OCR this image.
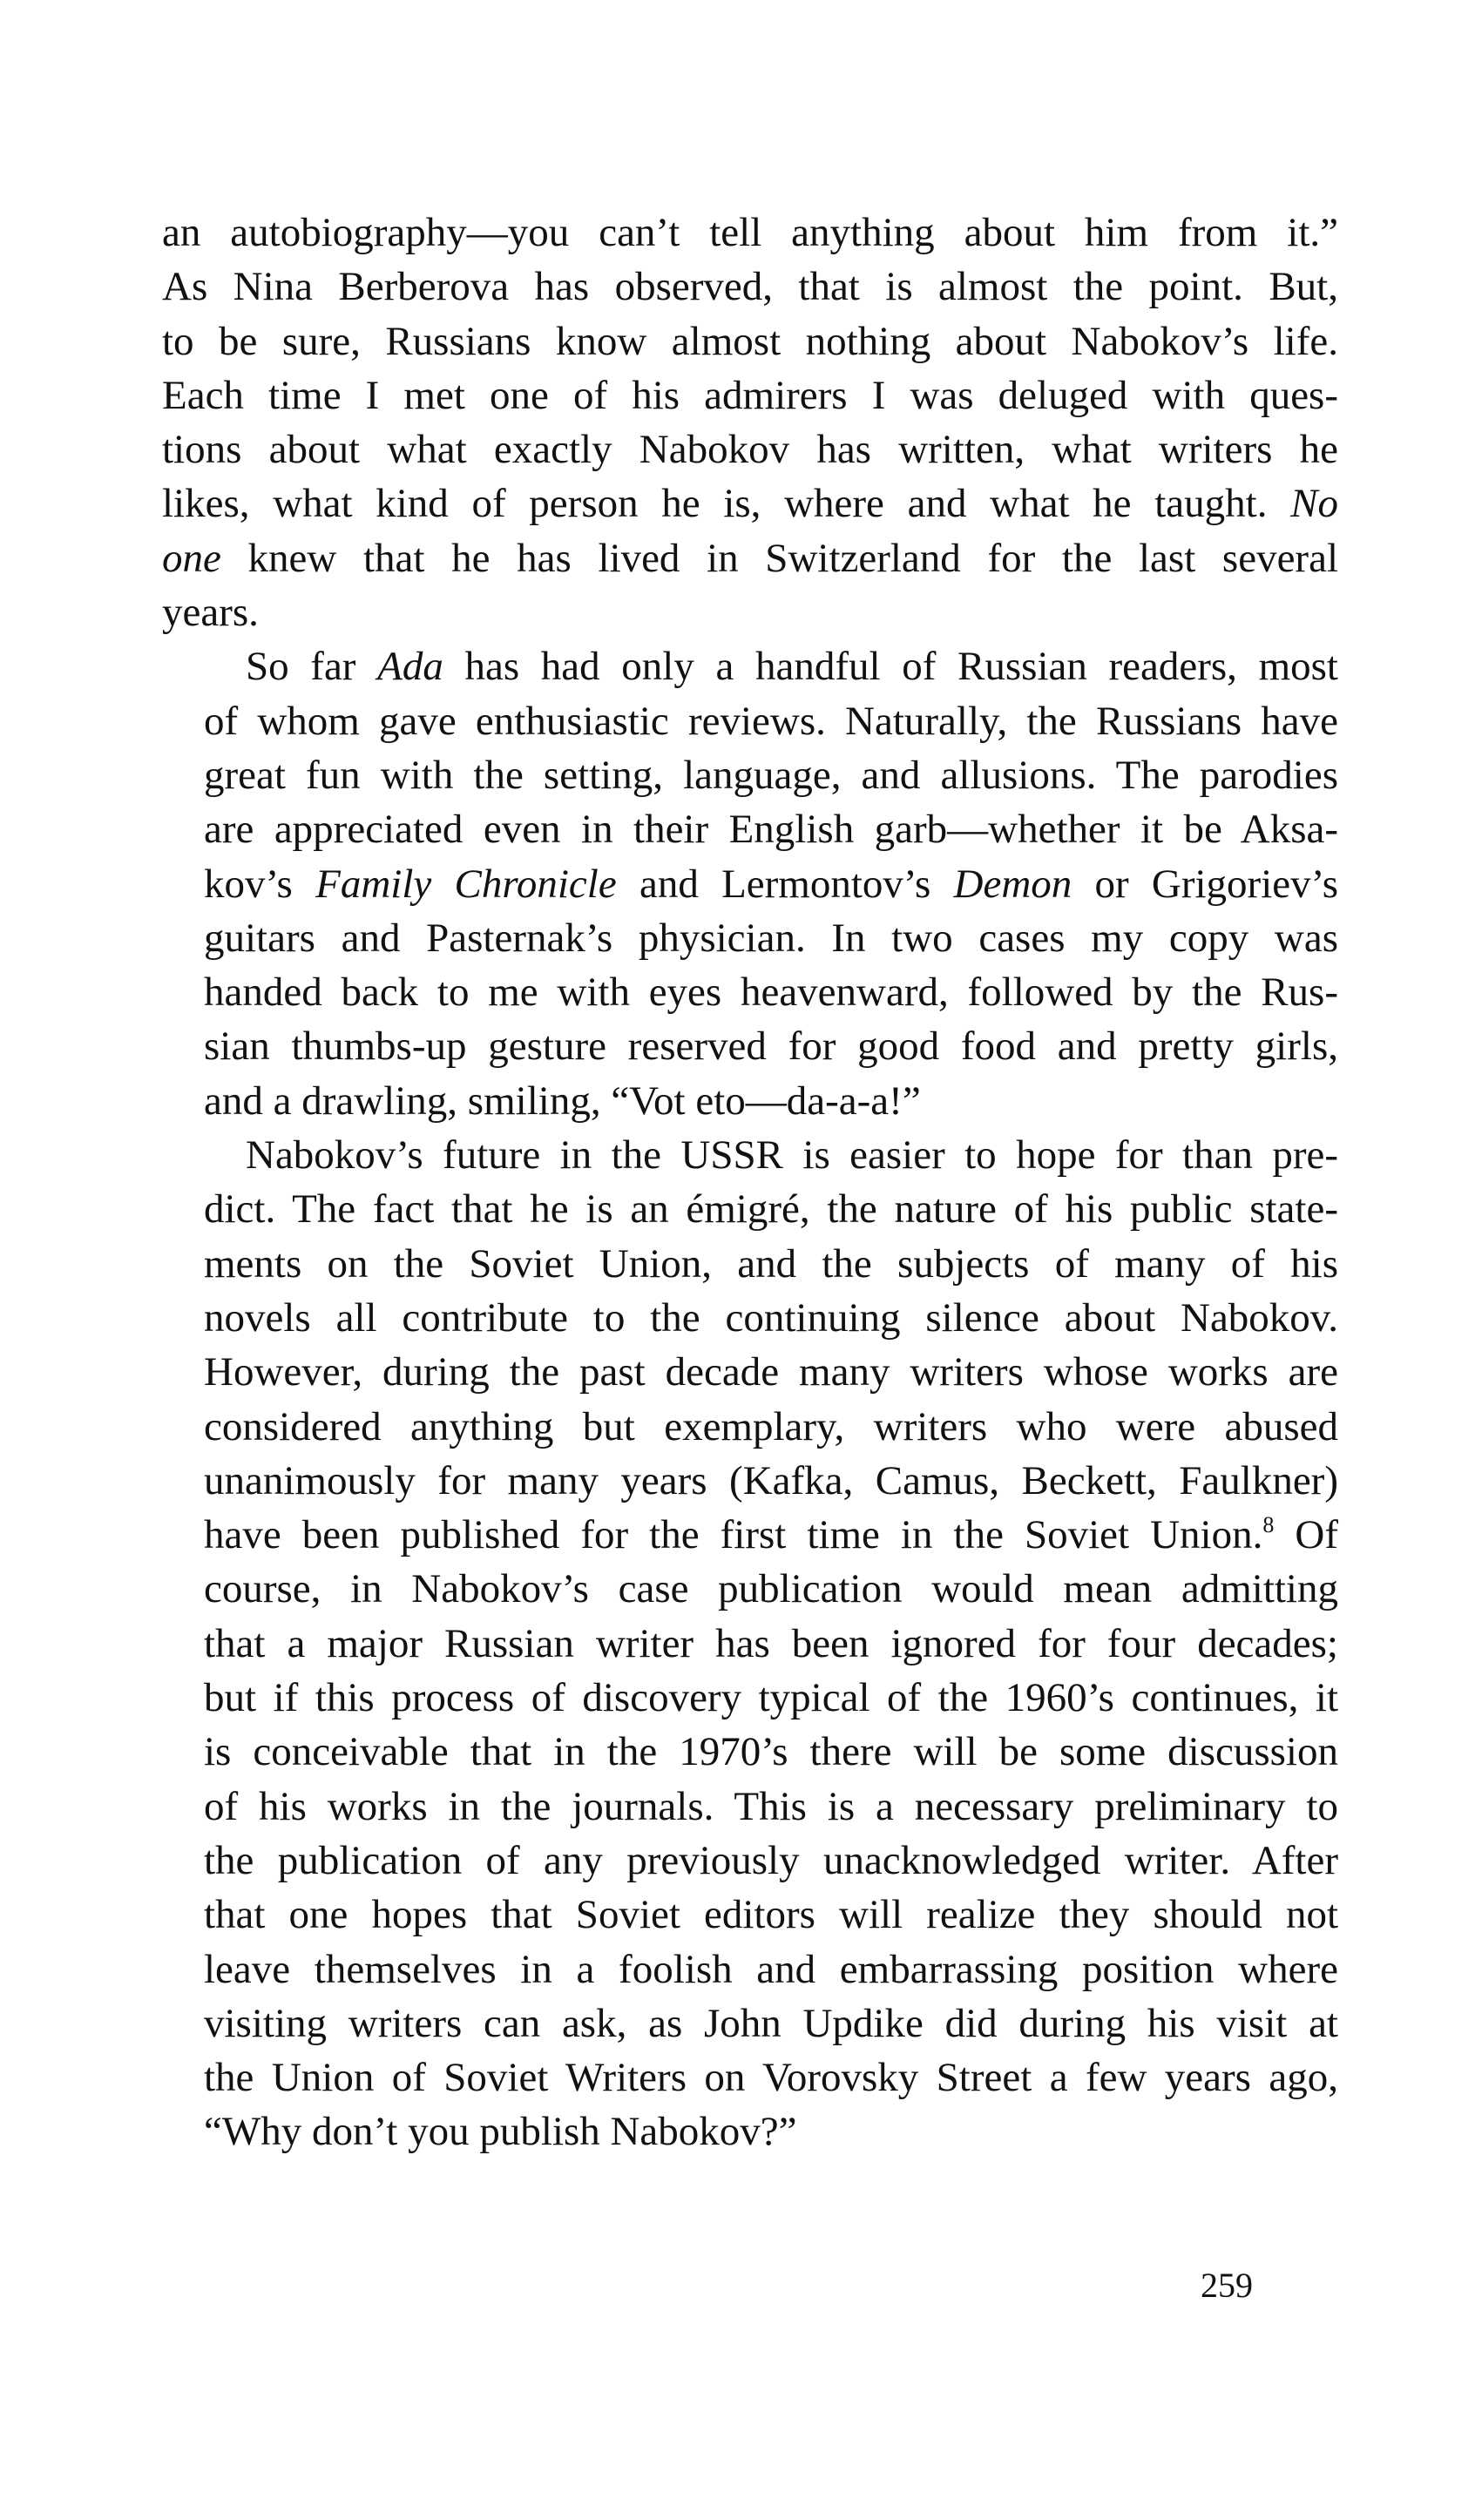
an autobiography—you can’t tell anything about him from it.”
As Nina Berberova has observed, that is almost the point. But,
to be sure, Russians know almost nothing about Nabokov’s life.
Each time I met one of his admirers I was deluged with ques-
tions about what exactly Nabokov has written, what writers he
likes, what kind of person he is, where and what he taught. No
one knew that he has lived in Switzerland for the last several
years.
So far Ada has had only a handful of Russian readers, most
of whom gave enthusiastic reviews. Naturally, the Russians have
great fun with the setting, language, and allusions. The parodies
are appreciated even in their English garb—whether it be Aksa-
kov’s Family Chronicle and Lermontov’s Demon or Grigoriev’s
guitars and Pasternak’s physician. In two cases my copy was
handed back to me with eyes heavenward, followed by the Rus-
sian thumbs-up gesture reserved for good food and pretty girls,
and a drawling, smiling, “Vot eto—da-a-a!”
Nabokov’s future in the USSR is easier to hope for than pre-
dict. The fact that he is an émigré, the nature of his public state-
ments on the Soviet Union, and the subjects of many of his
novels all contribute to the continuing silence about Nabokov.
However, during the past decade many writers whose works are
considered anything but exemplary, writers who were abused
unanimously for many years (Kafka, Camus, Beckett, Faulkner)
have been published for the first time in the Soviet Union.$^8$ Of
course, in Nabokov’s case publication would mean admitting
that a major Russian writer has been ignored for four decades;
but if this process of discovery typical of the 1960’s continues, it
is conceivable that in the 1970’s there will be some discussion
of his works in the journals. This is a necessary preliminary to
the publication of any previously unacknowledged writer. After
that one hopes that Soviet editors will realize they should not
leave themselves in a foolish and embarrassing position where
visiting writers can ask, as John Updike did during his visit at
the Union of Soviet Writers on Vorovsky Street a few years ago,
“Why don’t you publish Nabokov?”
259
